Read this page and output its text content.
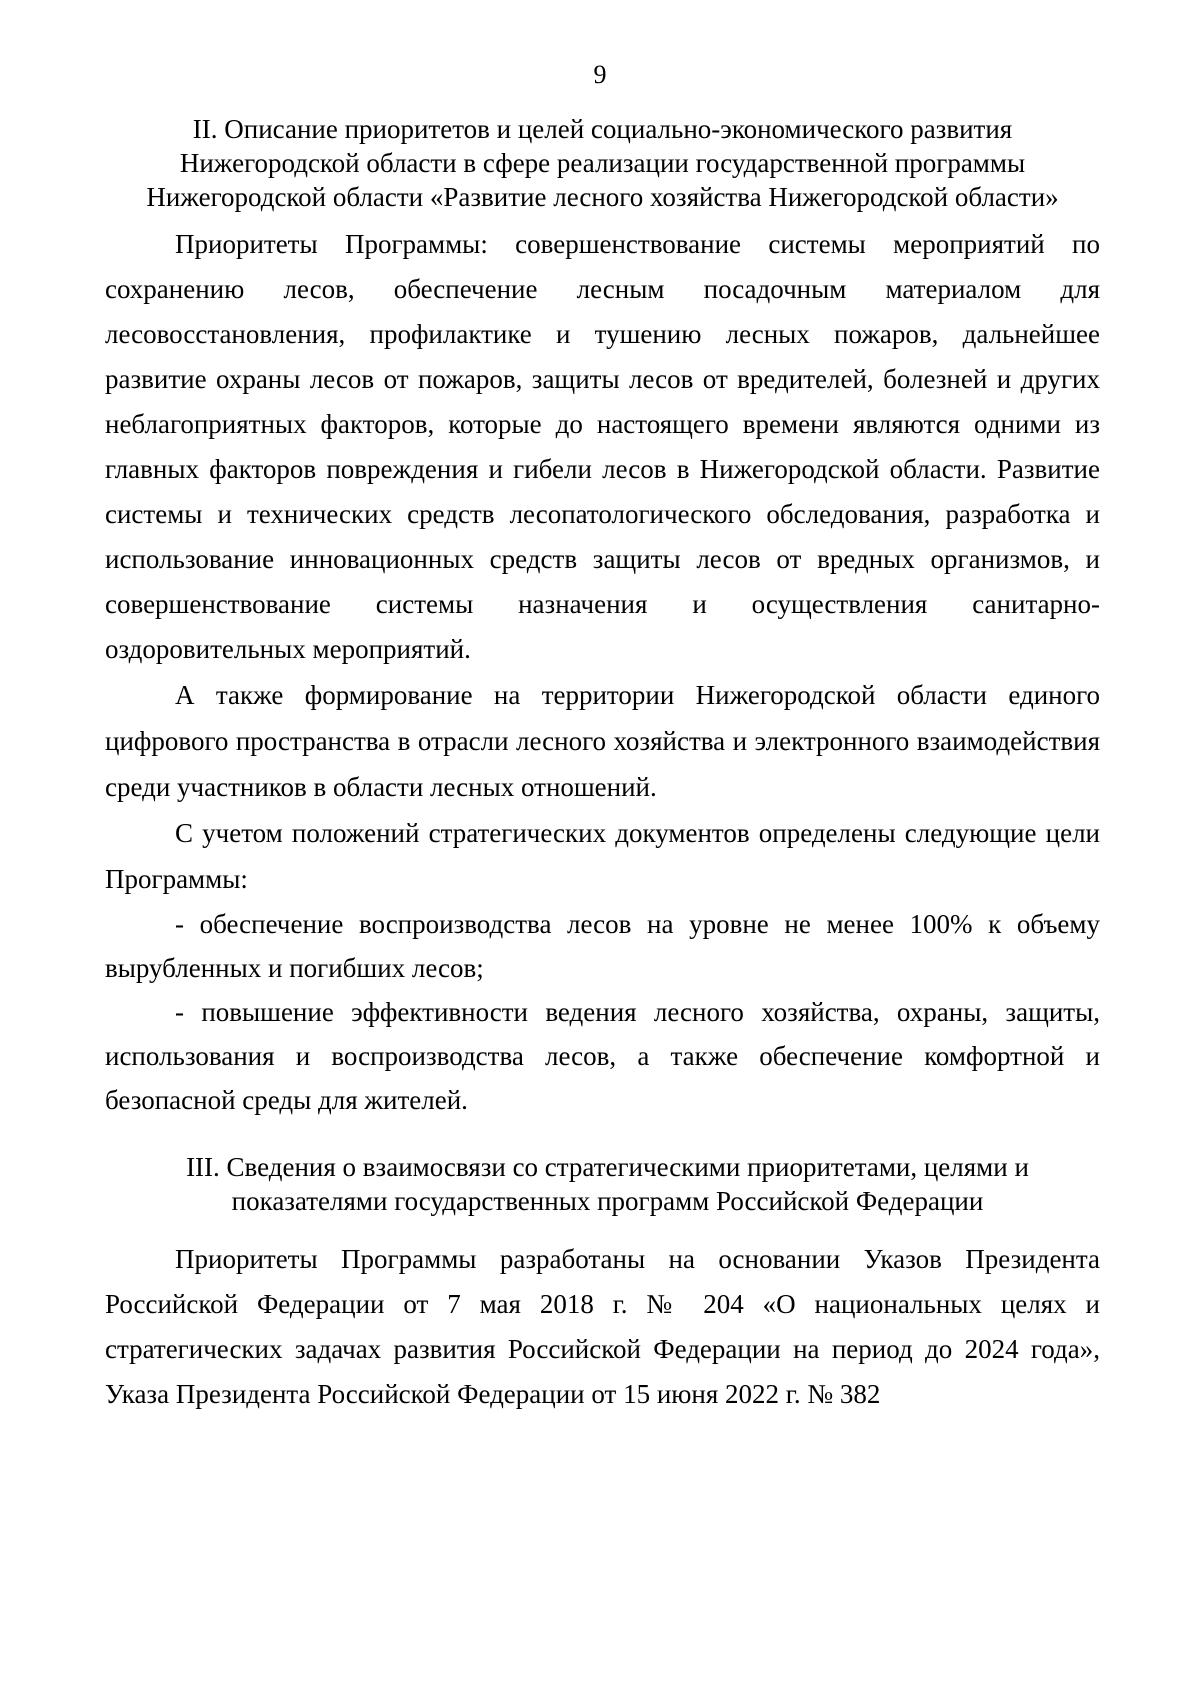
9
II. Описание приоритетов и целей социально-экономического развития
Нижегородской области в сфере реализации государственной программы
Нижегородской области «Развитие лесного хозяйства Нижегородской области»

Приоритеты Программы: совершенствование системы мероприятий по сохранению лесов, обеспечение лесным посадочным материалом для лесовосстановления, профилактике и тушению лесных пожаров, дальнейшее развитие охраны лесов от пожаров, защиты лесов от вредителей, болезней и других неблагоприятных факторов, которые до настоящего времени являются одними из главных факторов повреждения и гибели лесов в Нижегородской области. Развитие системы и технических средств лесопатологического обследования, разработка и использование инновационных средств защиты лесов от вредных организмов, и совершенствование системы назначения и осуществления санитарно-оздоровительных мероприятий.

А также формирование на территории Нижегородской области единого цифрового пространства в отрасли лесного хозяйства и электронного взаимодействия среди участников в области лесных отношений.

С учетом положений стратегических документов определены следующие цели Программы:

- обеспечение воспроизводства лесов на уровне не менее 100% к объему вырубленных и погибших лесов;

- повышение эффективности ведения лесного хозяйства, охраны, защиты, использования и воспроизводства лесов, а также обеспечение комфортной и безопасной среды для жителей.

III. Сведения о взаимосвязи со стратегическими приоритетами, целями и
показателями государственных программ Российской Федерации

Приоритеты Программы разработаны на основании Указов Президента Российской Федерации от 7 мая 2018 г. № 204 «О национальных целях и стратегических задачах развития Российской Федерации на период до 2024 года», Указа Президента Российской Федерации от 15 июня 2022 г. № 382
